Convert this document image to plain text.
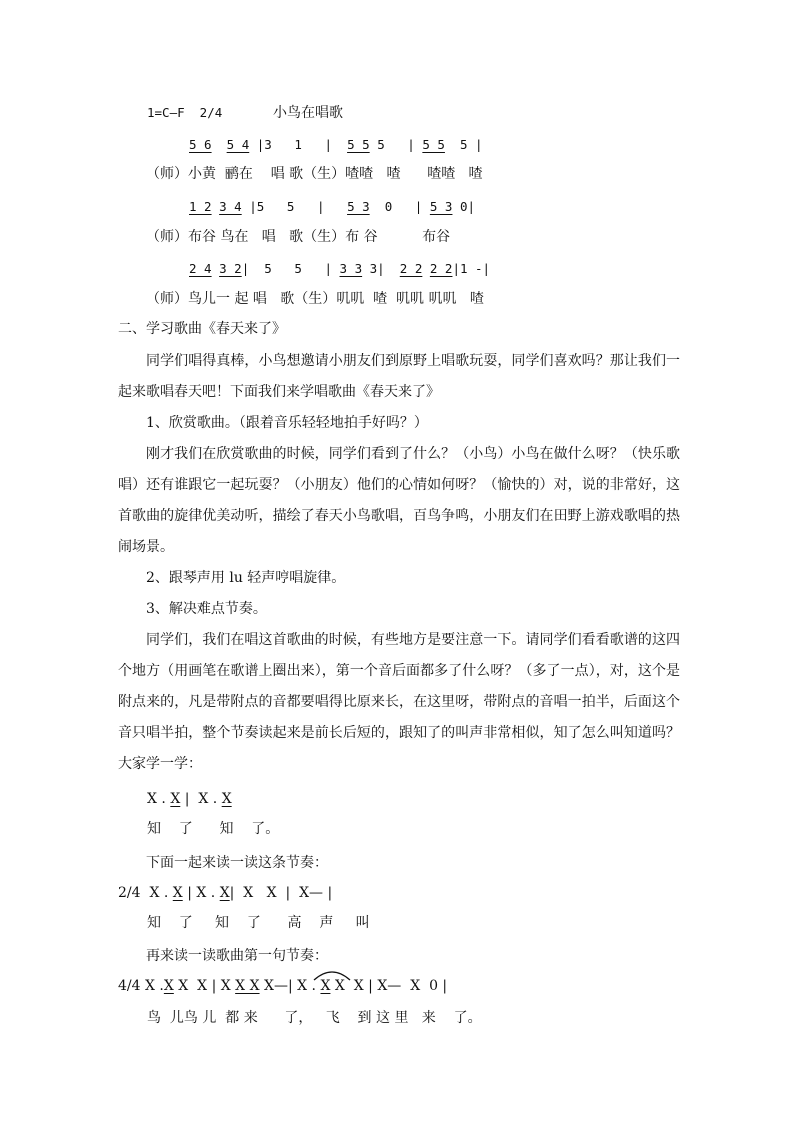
1=C—F  2/4	小鸟在唱歌
5 6 5 4 |3   1   | 5 5 5 | 5 5 5 |
（师）小黄  鹂在    唱 歌（生）喳喳   喳      喳喳   喳
1 2 3 4 |5   5   | 5 3 0   | 5 3 0|
（师）布谷 鸟在   唱   歌（生）布 谷          布谷
2 4 3 2|  5   5   | 3 3 3| 2 2 2 2|1 -|
（师）鸟儿一 起 唱   歌（生）叽叽  喳  叽叽 叽叽   喳
二、学习歌曲《春天来了》
同学们唱得真棒，小鸟想邀请小朋友们到原野上唱歌玩耍，同学们喜欢吗？那让我们一起来歌唱春天吧！下面我们来学唱歌曲《春天来了》
1、欣赏歌曲。（跟着音乐轻轻地拍手好吗？）
刚才我们在欣赏歌曲的时候，同学们看到了什么？（小鸟）小鸟在做什么呀？（快乐歌唱）还有谁跟它一起玩耍？（小朋友）他们的心情如何呀？（愉快的）对，说的非常好，这首歌曲的旋律优美动听，描绘了春天小鸟歌唱，百鸟争鸣，小朋友们在田野上游戏歌唱的热闹场景。
2、跟琴声用 lu 轻声哼唱旋律。
3、解决难点节奏。
同学们，我们在唱这首歌曲的时候，有些地方是要注意一下。请同学们看看歌谱的这四个地方（用画笔在歌谱上圈出来），第一个音后面都多了什么呀？（多了一点），对，这个是附点来的，凡是带附点的音都要唱得比原来长，在这里呀，带附点的音唱一拍半，后面这个音只唱半拍，整个节奏读起来是前长后短的，跟知了的叫声非常相似，知了怎么叫知道吗？大家学一学：
X . X |  X . X
知    了      知    了。
下面一起来读一读这条节奏：
2/4 X . X | X . X|  X   X  |  X— |
知    了     知    了      高    声     叫
再来读一读歌曲第一句节奏：
4/4 X .X X  X | X X X X—| X . X X  X | X—  X  0 |
鸟  儿鸟 儿  都 来      了，   飞    到 这 里   来    了。
